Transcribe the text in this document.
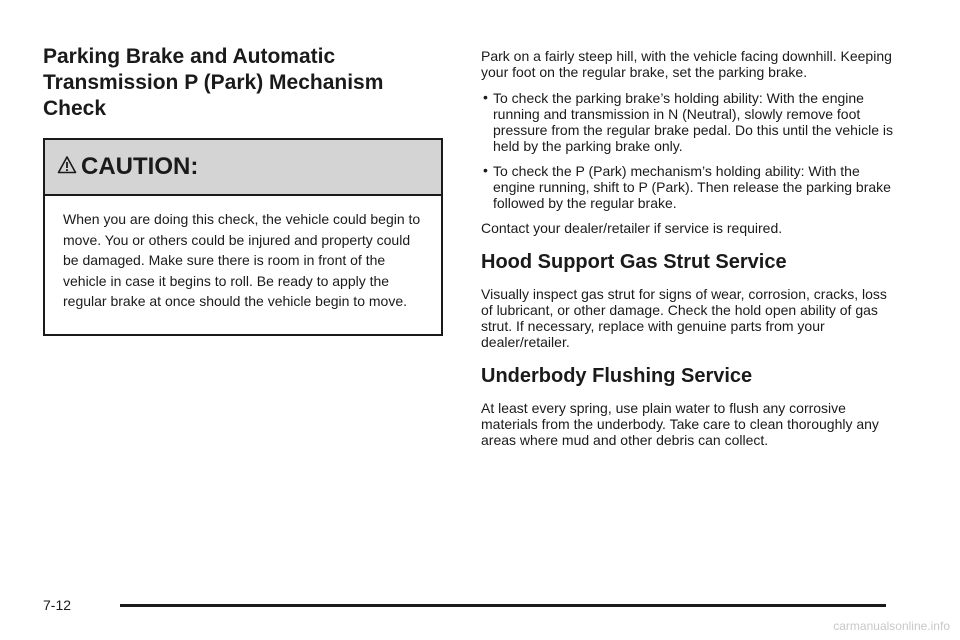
Parking Brake and Automatic
Transmission P (Park) Mechanism
Check
CAUTION:
When you are doing this check, the vehicle could begin to move. You or others could be injured and property could be damaged. Make sure there is room in front of the vehicle in case it begins to roll. Be ready to apply the regular brake at once should the vehicle begin to move.

Park on a fairly steep hill, with the vehicle facing downhill. Keeping your foot on the regular brake, set the parking brake.

• To check the parking brake’s holding ability: With the engine running and transmission in N (Neutral), slowly remove foot pressure from the regular brake pedal. Do this until the vehicle is held by the parking brake only.
• To check the P (Park) mechanism’s holding ability: With the engine running, shift to P (Park). Then release the parking brake followed by the regular brake.

Contact your dealer/retailer if service is required.

Hood Support Gas Strut Service

Visually inspect gas strut for signs of wear, corrosion, cracks, loss of lubricant, or other damage. Check the hold open ability of gas strut. If necessary, replace with genuine parts from your dealer/retailer.

Underbody Flushing Service

At least every spring, use plain water to flush any corrosive materials from the underbody. Take care to clean thoroughly any areas where mud and other debris can collect.

7-12
carmanualsonline.info
